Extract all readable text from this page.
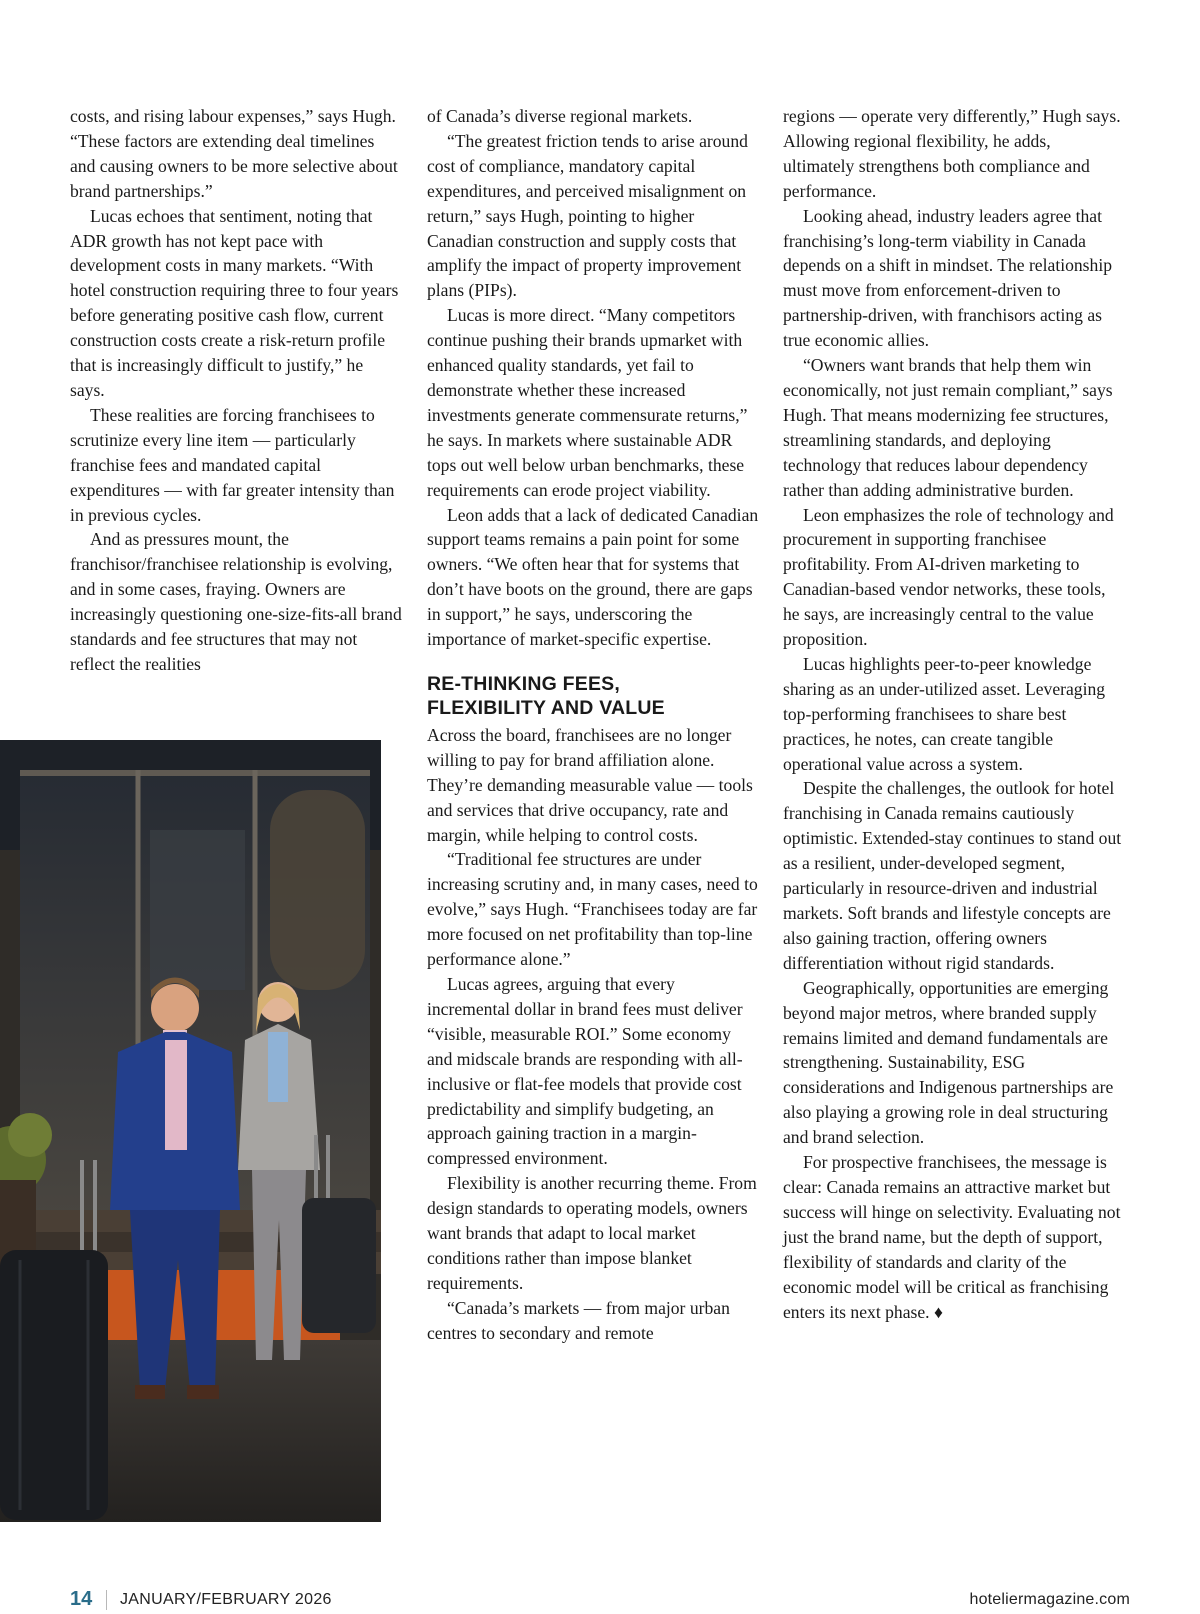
costs, and rising labour expenses,” says Hugh. “These factors are extending deal timelines and causing owners to be more selective about brand partnerships.”

Lucas echoes that sentiment, noting that ADR growth has not kept pace with development costs in many markets. “With hotel construction requiring three to four years before generating positive cash flow, current construction costs create a risk-return profile that is increasingly difficult to justify,” he says.

These realities are forcing franchisees to scrutinize every line item — particularly franchise fees and mandated capital expenditures — with far greater intensity than in previous cycles.

And as pressures mount, the franchisor/franchisee relationship is evolving, and in some cases, fraying. Owners are increasingly questioning one-size-fits-all brand standards and fee structures that may not reflect the realities

of Canada’s diverse regional markets.

“The greatest friction tends to arise around cost of compliance, mandatory capital expenditures, and perceived misalignment on return,” says Hugh, pointing to higher Canadian construction and supply costs that amplify the impact of property improvement plans (PIPs).

Lucas is more direct. “Many competitors continue pushing their brands upmarket with enhanced quality standards, yet fail to demonstrate whether these increased investments generate commensurate returns,” he says. In markets where sustainable ADR tops out well below urban benchmarks, these requirements can erode project viability.

Leon adds that a lack of dedicated Canadian support teams remains a pain point for some owners. “We often hear that for systems that don’t have boots on the ground, there are gaps in support,” he says, underscoring the importance of market-specific expertise.

RE-THINKING FEES,
FLEXIBILITY AND VALUE

Across the board, franchisees are no longer willing to pay for brand affiliation alone. They’re demanding measurable value — tools and services that drive occupancy, rate and margin, while helping to control costs.

“Traditional fee structures are under increasing scrutiny and, in many cases, need to evolve,” says Hugh. “Franchisees today are far more focused on net profitability than top-line performance alone.”

Lucas agrees, arguing that every incremental dollar in brand fees must deliver “visible, measurable ROI.” Some economy and midscale brands are responding with all-inclusive or flat-fee models that provide cost predictability and simplify budgeting, an approach gaining traction in a margin-compressed environment.

Flexibility is another recurring theme. From design standards to operating models, owners want brands that adapt to local market conditions rather than impose blanket requirements.

“Canada’s markets — from major urban centres to secondary and remote

regions — operate very differently,” Hugh says. Allowing regional flexibility, he adds, ultimately strengthens both compliance and performance.

Looking ahead, industry leaders agree that franchising’s long-term viability in Canada depends on a shift in mindset. The relationship must move from enforcement-driven to partnership-driven, with franchisors acting as true economic allies.

“Owners want brands that help them win economically, not just remain compliant,” says Hugh. That means modernizing fee structures, streamlining standards, and deploying technology that reduces labour dependency rather than adding administrative burden.

Leon emphasizes the role of technology and procurement in supporting franchisee profitability. From AI-driven marketing to Canadian-based vendor networks, these tools, he says, are increasingly central to the value proposition.

Lucas highlights peer-to-peer knowledge sharing as an under-utilized asset. Leveraging top-performing franchisees to share best practices, he notes, can create tangible operational value across a system.

Despite the challenges, the outlook for hotel franchising in Canada remains cautiously optimistic. Extended-stay continues to stand out as a resilient, under-developed segment, particularly in resource-driven and industrial markets. Soft brands and lifestyle concepts are also gaining traction, offering owners differentiation without rigid standards.

Geographically, opportunities are emerging beyond major metros, where branded supply remains limited and demand fundamentals are strengthening. Sustainability, ESG considerations and Indigenous partnerships are also playing a growing role in deal structuring and brand selection.

For prospective franchisees, the message is clear: Canada remains an attractive market but success will hinge on selectivity. Evaluating not just the brand name, but the depth of support, flexibility of standards and clarity of the economic model will be critical as franchising enters its next phase. ♦

14 JANUARY/FEBRUARY 2026	hoteliermagazine.com
